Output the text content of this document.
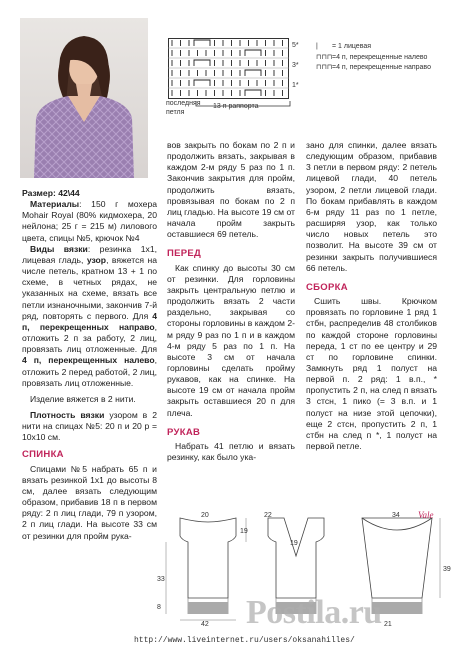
5*
3*
1*
последняя петля
13 п раппорта
|	= 1 лицевая
⊓⊓⊓ =4 п, перекрещенные налево
⊓⊓⊓ =4 п, перекрещенные направо

Размер: 42\44

Материалы: 150 г мохера Mohair Royal (80% кидмохера, 20 нейлона; 25 г = 215 м) лилового цвета, спицы №5, крючок №4

Виды вязки: резинка 1х1, лицевая гладь, узор, вяжется на числе петель, кратном 13 + 1 по схеме, в четных рядах, не указанных на схеме, вязать все петли изнаночными, закончив 7-й ряд, повторять с первого. Для 4 п, перекрещенных направо, отложить 2 п за работу, 2 лиц, провязать лиц отложенные. Для 4 п, перекрещенных налево, отложить 2 перед работой, 2 лиц, провязать лиц отложенные.

Изделие вяжется в 2 нити.

Плотность вязки узором в 2 нити на спицах №5: 20 п и 20 р = 10х10 см.

СПИНКА

Спицами №5 набрать 65 п и вязать резинкой 1х1 до высоты 8 см, далее вязать следующим образом, прибавив 18 п в первом ряду: 2 п лиц глади, 79 п узором, 2 п лиц глади. На высоте 33 см от резинки для пройм рука-

вов закрыть по бокам по 2 п и продолжить вязать, закрывая в каждом 2-м ряду 5 раз по 1 п. Закончив закрытия для пройм, продолжить вязать, провязывая по бокам по 2 п лиц гладью. На высоте 19 см от начала пройм закрыть оставшиеся 69 петель.

ПЕРЕД

Как спинку до высоты 30 см от резинки. Для горловины закрыть центральную петлю и продолжить вязать 2 части раздельно, закрывая со стороны горловины в каждом 2-м ряду 9 раз по 1 п и в каждом 4-м ряду 5 раз по 1 п. На высоте 3 см от начала горловины сделать пройму рукавов, как на спинке. На высоте 19 см от начала пройм закрыть оставшиеся 20 п для плеча.

РУКАВ

Набрать 41 петлю и вязать резинку, как было ука-

зано для спинки, далее вязать следующим образом, прибавив 3 петли в первом ряду: 2 петель лицевой глади, 40 петель узором, 2 петли лицевой глади. По бокам прибавлять в каждом 6-м ряду 11 раз по 1 петле, расширяя узор, как только число новых петель это позволит. На высоте 39 см от резинки закрыть получившиеся 66 петель.

СБОРКА

Сшить швы. Крючком провязать по горловине 1 ряд 1 стбн, распределив 48 столбиков по каждой стороне горловины переда, 1 ст по ее центру и 29 ст по горловине спинки. Замкнуть ряд 1 полуст на первой п. 2 ряд: 1 в.п., * пропустить 2 п, на след п вязать 3 стсн, 1 пико (= 3 в.п. и 1 полуст на низе этой цепочки), еще 2 стсн, пропустить 2 п, 1 стбн на след п *, 1 полуст на первой петле.

20
19
33
8
42
22
19
39
34
21
Vale
Postila.ru
http://www.liveinternet.ru/users/oksanahilles/
